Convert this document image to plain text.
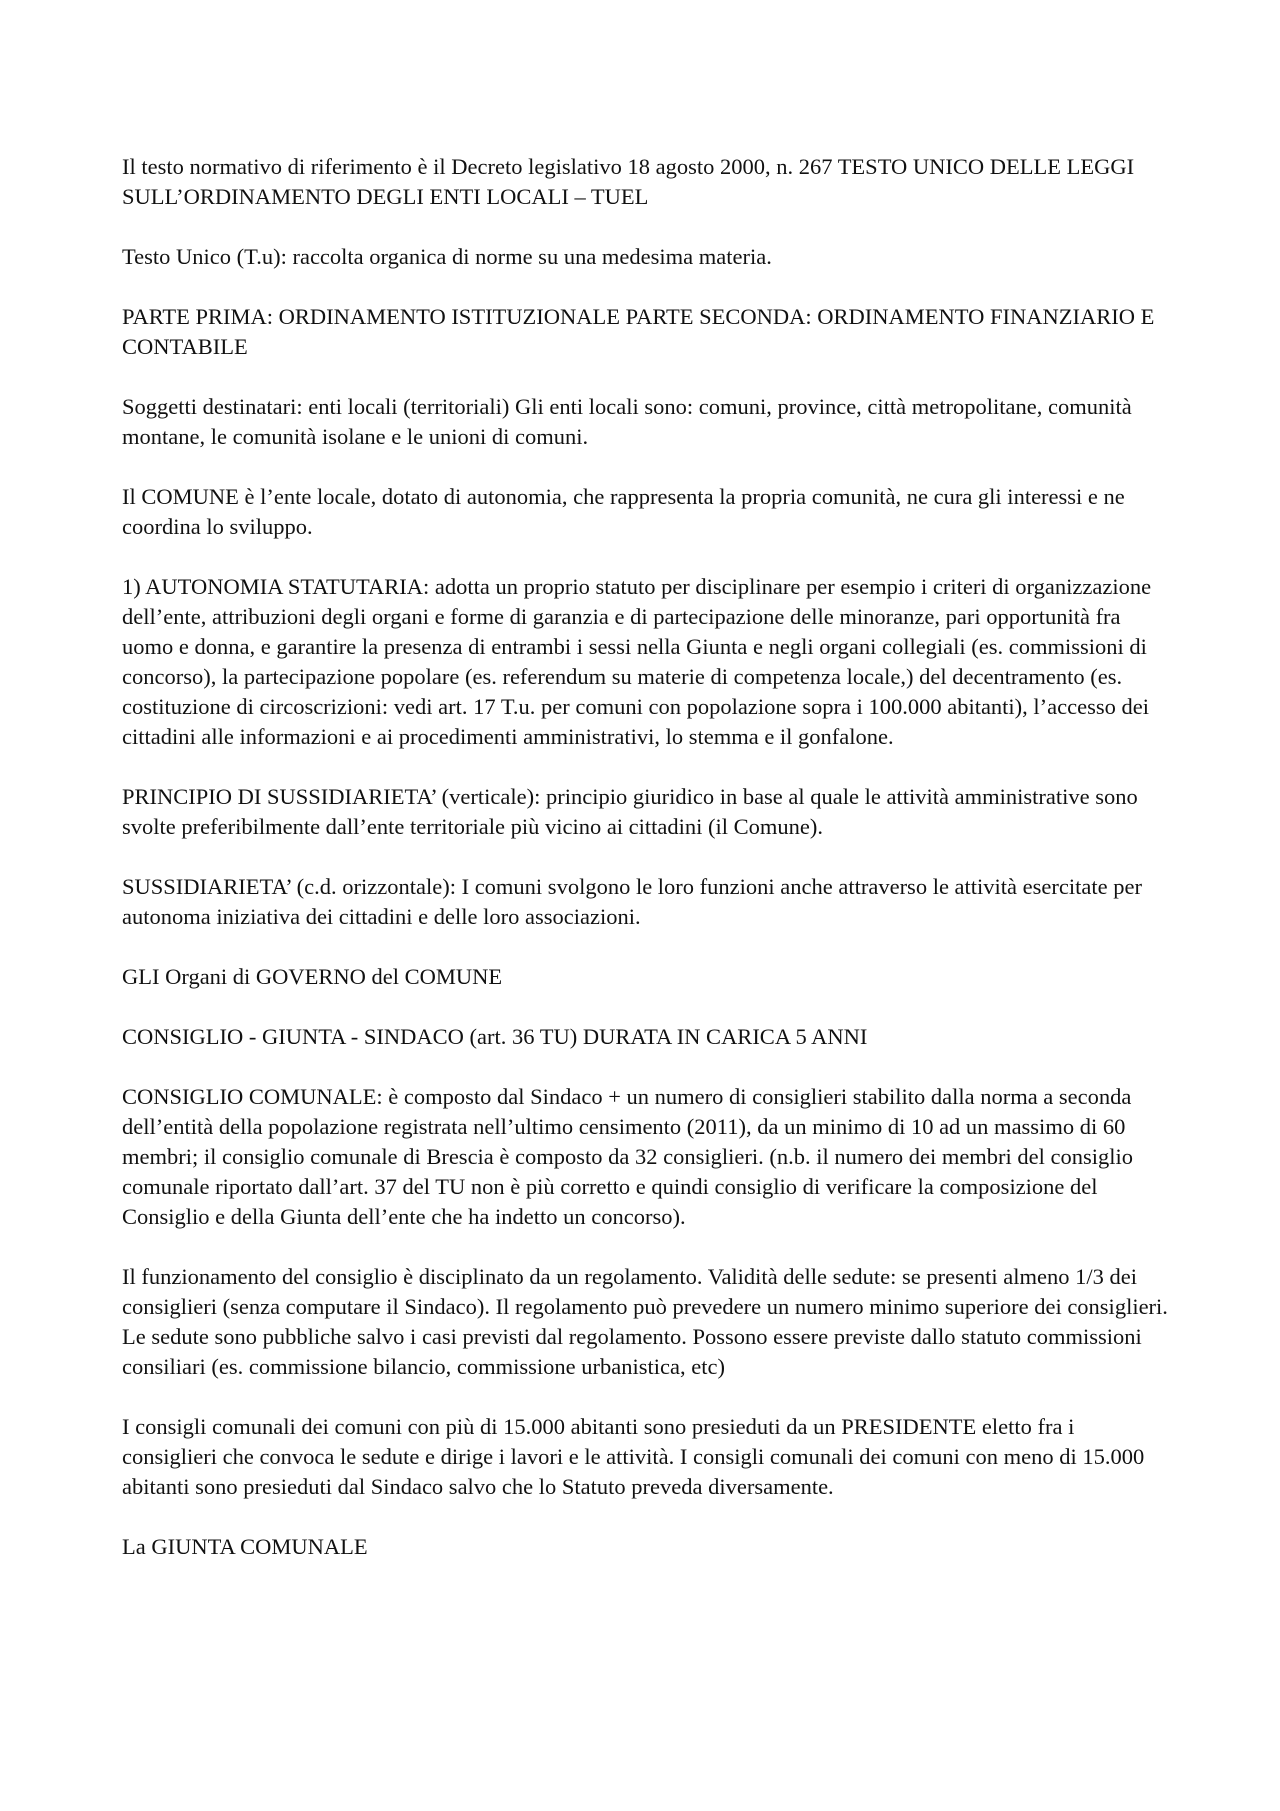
Il testo normativo di riferimento è il Decreto legislativo 18 agosto 2000, n. 267 TESTO UNICO DELLE LEGGI SULL’ORDINAMENTO DEGLI ENTI LOCALI – TUEL

Testo Unico (T.u): raccolta organica di norme su una medesima materia.

PARTE PRIMA: ORDINAMENTO ISTITUZIONALE PARTE SECONDA: ORDINAMENTO FINANZIARIO E CONTABILE

Soggetti destinatari: enti locali (territoriali) Gli enti locali sono: comuni, province, città metropolitane, comunità montane, le comunità isolane e le unioni di comuni.

Il COMUNE è l’ente locale, dotato di autonomia, che rappresenta la propria comunità, ne cura gli interessi e ne coordina lo sviluppo.

1) AUTONOMIA STATUTARIA: adotta un proprio statuto per disciplinare per esempio i criteri di organizzazione dell’ente, attribuzioni degli organi e forme di garanzia e di partecipazione delle minoranze, pari opportunità fra uomo e donna, e garantire la presenza di entrambi i sessi nella Giunta e negli organi collegiali (es. commissioni di concorso), la partecipazione popolare (es. referendum su materie di competenza locale,) del decentramento (es. costituzione di circoscrizioni: vedi art. 17 T.u. per comuni con popolazione sopra i 100.000 abitanti), l’accesso dei cittadini alle informazioni e ai procedimenti amministrativi, lo stemma e il gonfalone.

PRINCIPIO DI SUSSIDIARIETA’ (verticale): principio giuridico in base al quale le attività amministrative sono svolte preferibilmente dall’ente territoriale più vicino ai cittadini (il Comune).

SUSSIDIARIETA’ (c.d. orizzontale): I comuni svolgono le loro funzioni anche attraverso le attività esercitate per autonoma iniziativa dei cittadini e delle loro associazioni.

GLI Organi di GOVERNO del COMUNE

CONSIGLIO - GIUNTA - SINDACO (art. 36 TU) DURATA IN CARICA 5 ANNI

CONSIGLIO COMUNALE: è composto dal Sindaco + un numero di consiglieri stabilito dalla norma a seconda dell’entità della popolazione registrata nell’ultimo censimento (2011), da un minimo di 10 ad un massimo di 60 membri; il consiglio comunale di Brescia è composto da 32 consiglieri. (n.b. il numero dei membri del consiglio comunale riportato dall’art. 37 del TU non è più corretto e quindi consiglio di verificare la composizione del Consiglio e della Giunta dell’ente che ha indetto un concorso).

Il funzionamento del consiglio è disciplinato da un regolamento. Validità delle sedute: se presenti almeno 1/3 dei consiglieri (senza computare il Sindaco). Il regolamento può prevedere un numero minimo superiore dei consiglieri. Le sedute sono pubbliche salvo i casi previsti dal regolamento. Possono essere previste dallo statuto commissioni consiliari (es. commissione bilancio, commissione urbanistica, etc)

I consigli comunali dei comuni con più di 15.000 abitanti sono presieduti da un PRESIDENTE eletto fra i consiglieri che convoca le sedute e dirige i lavori e le attività. I consigli comunali dei comuni con meno di 15.000 abitanti sono presieduti dal Sindaco salvo che lo Statuto preveda diversamente.

La GIUNTA COMUNALE
